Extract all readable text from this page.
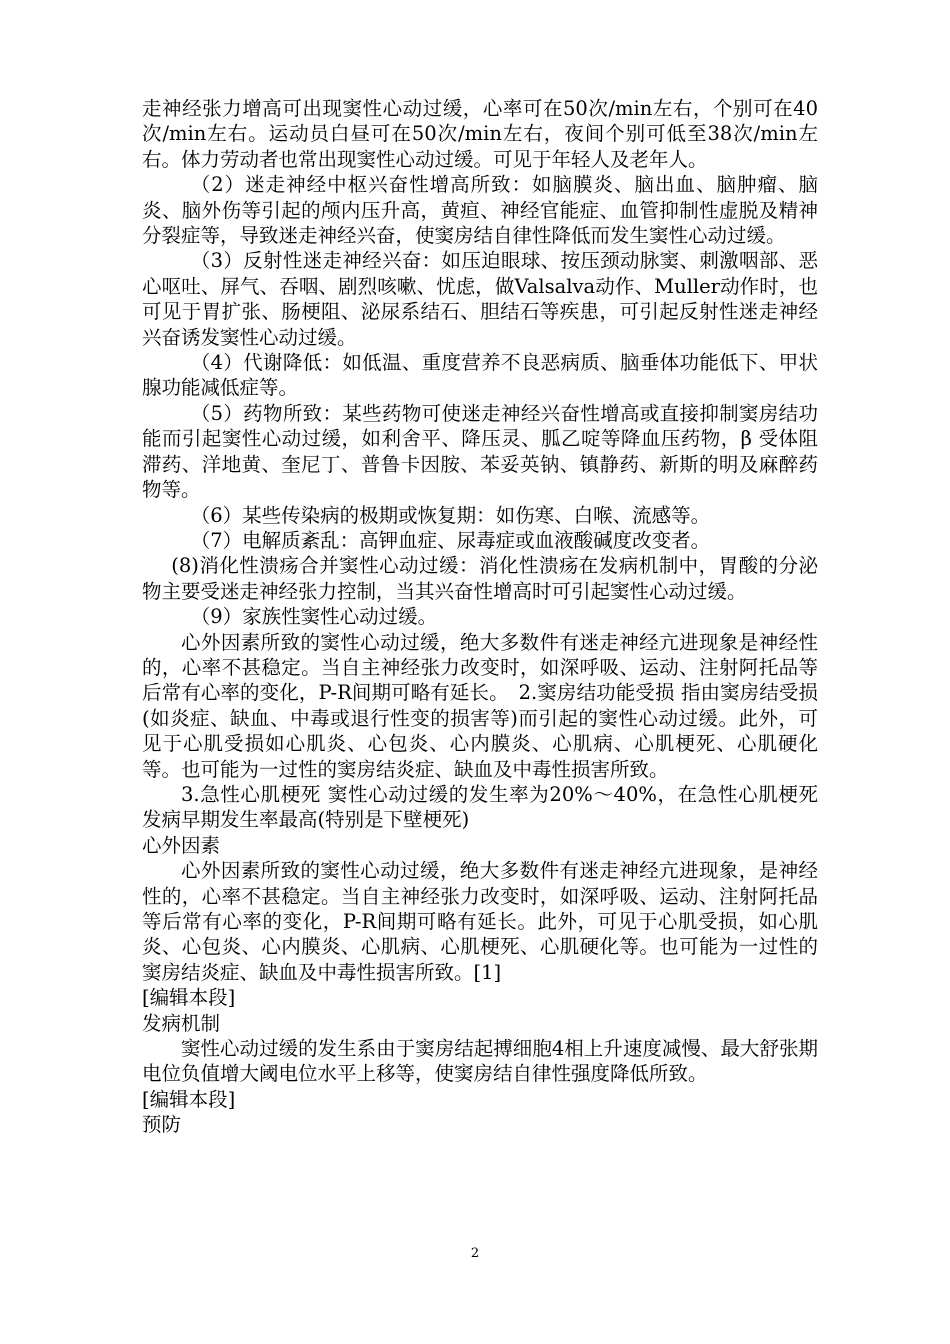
走神经张力增高可出现窦性心动过缓，心率可在50次/min左右，个别可在40次/min左右。运动员白昼可在50次/min左右，夜间个别可低至38次/min左右。体力劳动者也常出现窦性心动过缓。可见于年轻人及老年人。

（2）迷走神经中枢兴奋性增高所致：如脑膜炎、脑出血、脑肿瘤、脑炎、脑外伤等引起的颅内压升高，黄疸、神经官能症、血管抑制性虚脱及精神分裂症等，导致迷走神经兴奋，使窦房结自律性降低而发生窦性心动过缓。

（3）反射性迷走神经兴奋：如压迫眼球、按压颈动脉窦、刺激咽部、恶心呕吐、屏气、吞咽、剧烈咳嗽、忧虑，做Valsalva动作、Muller动作时，也可见于胃扩张、肠梗阻、泌尿系结石、胆结石等疾患，可引起反射性迷走神经兴奋诱发窦性心动过缓。

（4）代谢降低：如低温、重度营养不良恶病质、脑垂体功能低下、甲状腺功能减低症等。

（5）药物所致：某些药物可使迷走神经兴奋性增高或直接抑制窦房结功能而引起窦性心动过缓，如利舍平、降压灵、胍乙啶等降血压药物，β 受体阻滞药、洋地黄、奎尼丁、普鲁卡因胺、苯妥英钠、镇静药、新斯的明及麻醉药物等。

（6）某些传染病的极期或恢复期：如伤寒、白喉、流感等。

（7）电解质紊乱：高钾血症、尿毒症或血液酸碱度改变者。

(8)消化性溃疡合并窦性心动过缓：消化性溃疡在发病机制中，胃酸的分泌物主要受迷走神经张力控制，当其兴奋性增高时可引起窦性心动过缓。

（9）家族性窦性心动过缓。

心外因素所致的窦性心动过缓，绝大多数件有迷走神经亢进现象是神经性的，心率不甚稳定。当自主神经张力改变时，如深呼吸、运动、注射阿托品等后常有心率的变化，P-R间期可略有延长。　2.窦房结功能受损 指由窦房结受损(如炎症、缺血、中毒或退行性变的损害等)而引起的窦性心动过缓。此外，可见于心肌受损如心肌炎、心包炎、心内膜炎、心肌病、心肌梗死、心肌硬化等。也可能为一过性的窦房结炎症、缺血及中毒性损害所致。

3.急性心肌梗死 窦性心动过缓的发生率为20%～40%，在急性心肌梗死发病早期发生率最高(特别是下壁梗死)

心外因素

心外因素所致的窦性心动过缓，绝大多数件有迷走神经亢进现象，是神经性的，心率不甚稳定。当自主神经张力改变时，如深呼吸、运动、注射阿托品等后常有心率的变化，P-R间期可略有延长。此外，可见于心肌受损，如心肌炎、心包炎、心内膜炎、心肌病、心肌梗死、心肌硬化等。也可能为一过性的窦房结炎症、缺血及中毒性损害所致。[1]

[编辑本段]

发病机制

窦性心动过缓的发生系由于窦房结起搏细胞4相上升速度减慢、最大舒张期电位负值增大阈电位水平上移等，使窦房结自律性强度降低所致。

[编辑本段]

预防

2
